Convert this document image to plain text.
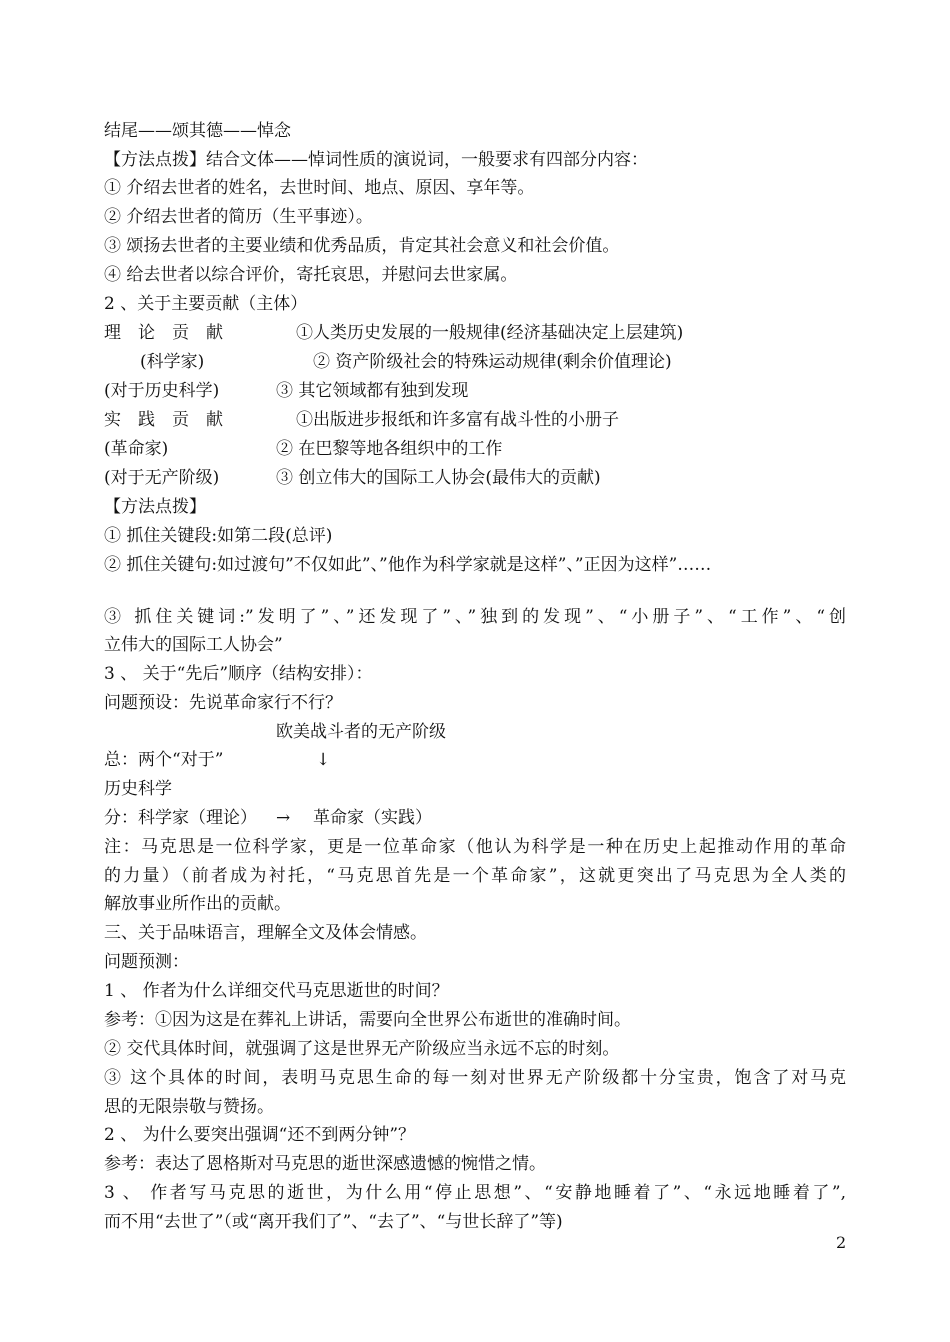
结尾——颂其德——悼念
【方法点拨】结合文体——悼词性质的演说词，一般要求有四部分内容：
① 介绍去世者的姓名，去世时间、地点、原因、享年等。
② 介绍去世者的简历（生平事迹）。
③ 颂扬去世者的主要业绩和优秀品质，肯定其社会意义和社会价值。
④ 给去世者以综合评价，寄托哀思，并慰问去世家属。
2 、关于主要贡献（主体）
理　论　贡　献	①人类历史发展的一般规律(经济基础决定上层建筑)
(科学家)	② 资产阶级社会的特殊运动规律(剩余价值理论)
(对于历史科学)	③ 其它领域都有独到发现
实　践　贡　献	①出版进步报纸和许多富有战斗性的小册子
(革命家)	② 在巴黎等地各组织中的工作
(对于无产阶级)	③ 创立伟大的国际工人协会(最伟大的贡献)
【方法点拨】
① 抓住关键段:如第二段(总评)
② 抓住关键句:如过渡句”不仅如此”、”他作为科学家就是这样”、”正因为这样”……
③ 抓住关键词:”发明了”、”还发现了”、”独到的发现”、“小册子”、“工作”、“创
立伟大的国际工人协会”
3 、 关于“先后”顺序（结构安排）：
问题预设：先说革命家行不行？
欧美战斗者的无产阶级
总：两个“对于”	↓
历史科学
分：科学家（理论） → 革命家（实践）
注：马克思是一位科学家，更是一位革命家（他认为科学是一种在历史上起推动作用的革命
的力量）（前者成为衬托，“马克思首先是一个革命家”，这就更突出了马克思为全人类的
解放事业所作出的贡献。
三、关于品味语言，理解全文及体会情感。
问题预测：
1 、 作者为什么详细交代马克思逝世的时间？
参考：①因为这是在葬礼上讲话，需要向全世界公布逝世的准确时间。
② 交代具体时间，就强调了这是世界无产阶级应当永远不忘的时刻。
③ 这个具体的时间，表明马克思生命的每一刻对世界无产阶级都十分宝贵，饱含了对马克
思的无限崇敬与赞扬。
2 、 为什么要突出强调“还不到两分钟”？
参考：表达了恩格斯对马克思的逝世深感遗憾的惋惜之情。
3 、 作者写马克思的逝世，为什么用“停止思想”、“安静地睡着了”、“永远地睡着了”,
而不用“去世了”（或“离开我们了”、“去了”、“与世长辞了”等)
2
